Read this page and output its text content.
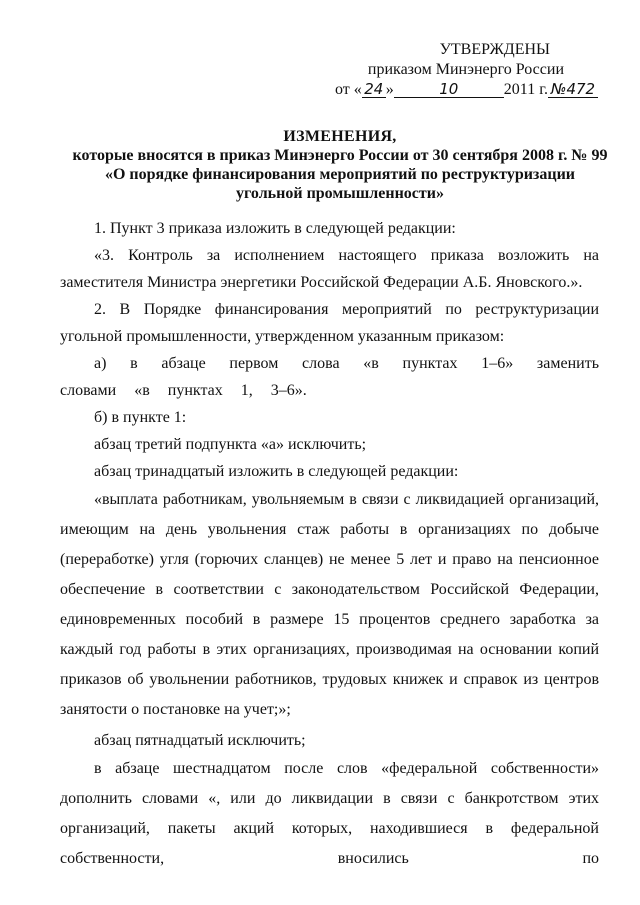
УТВЕРЖДЕНЫ
приказом Минэнерго России
от « 24 »	10	2011 г. №472
ИЗМЕНЕНИЯ,
которые вносятся в приказ Минэнерго России от 30 сентября 2008 г. № 99
«О порядке финансирования мероприятий по реструктуризации
угольной промышленности»

1. Пункт 3 приказа изложить в следующей редакции:

«3. Контроль за исполнением настоящего приказа возложить на заместителя Министра энергетики Российской Федерации А.Б. Яновского.».

2. В Порядке финансирования мероприятий по реструктуризации угольной промышленности, утвержденном указанным приказом:

а) в абзаце первом слова «в пунктах 1–6» заменить словами «в пунктах 1, 3–6».

б) в пункте 1:

абзац третий подпункта «а» исключить;

абзац тринадцатый изложить в следующей редакции:

«выплата работникам, увольняемым в связи с ликвидацией организаций, имеющим на день увольнения стаж работы в организациях по добыче (переработке) угля (горючих сланцев) не менее 5 лет и право на пенсионное обеспечение в соответствии с законодательством Российской Федерации, единовременных пособий в размере 15 процентов среднего заработка за каждый год работы в этих организациях, производимая на основании копий приказов об увольнении работников, трудовых книжек и справок из центров занятости о постановке на учет;»;

абзац пятнадцатый исключить;

в абзаце шестнадцатом после слов «федеральной собственности» дополнить словами «, или до ликвидации в связи с банкротством этих организаций, пакеты акций которых, находившиеся в федеральной собственности, вносились по
